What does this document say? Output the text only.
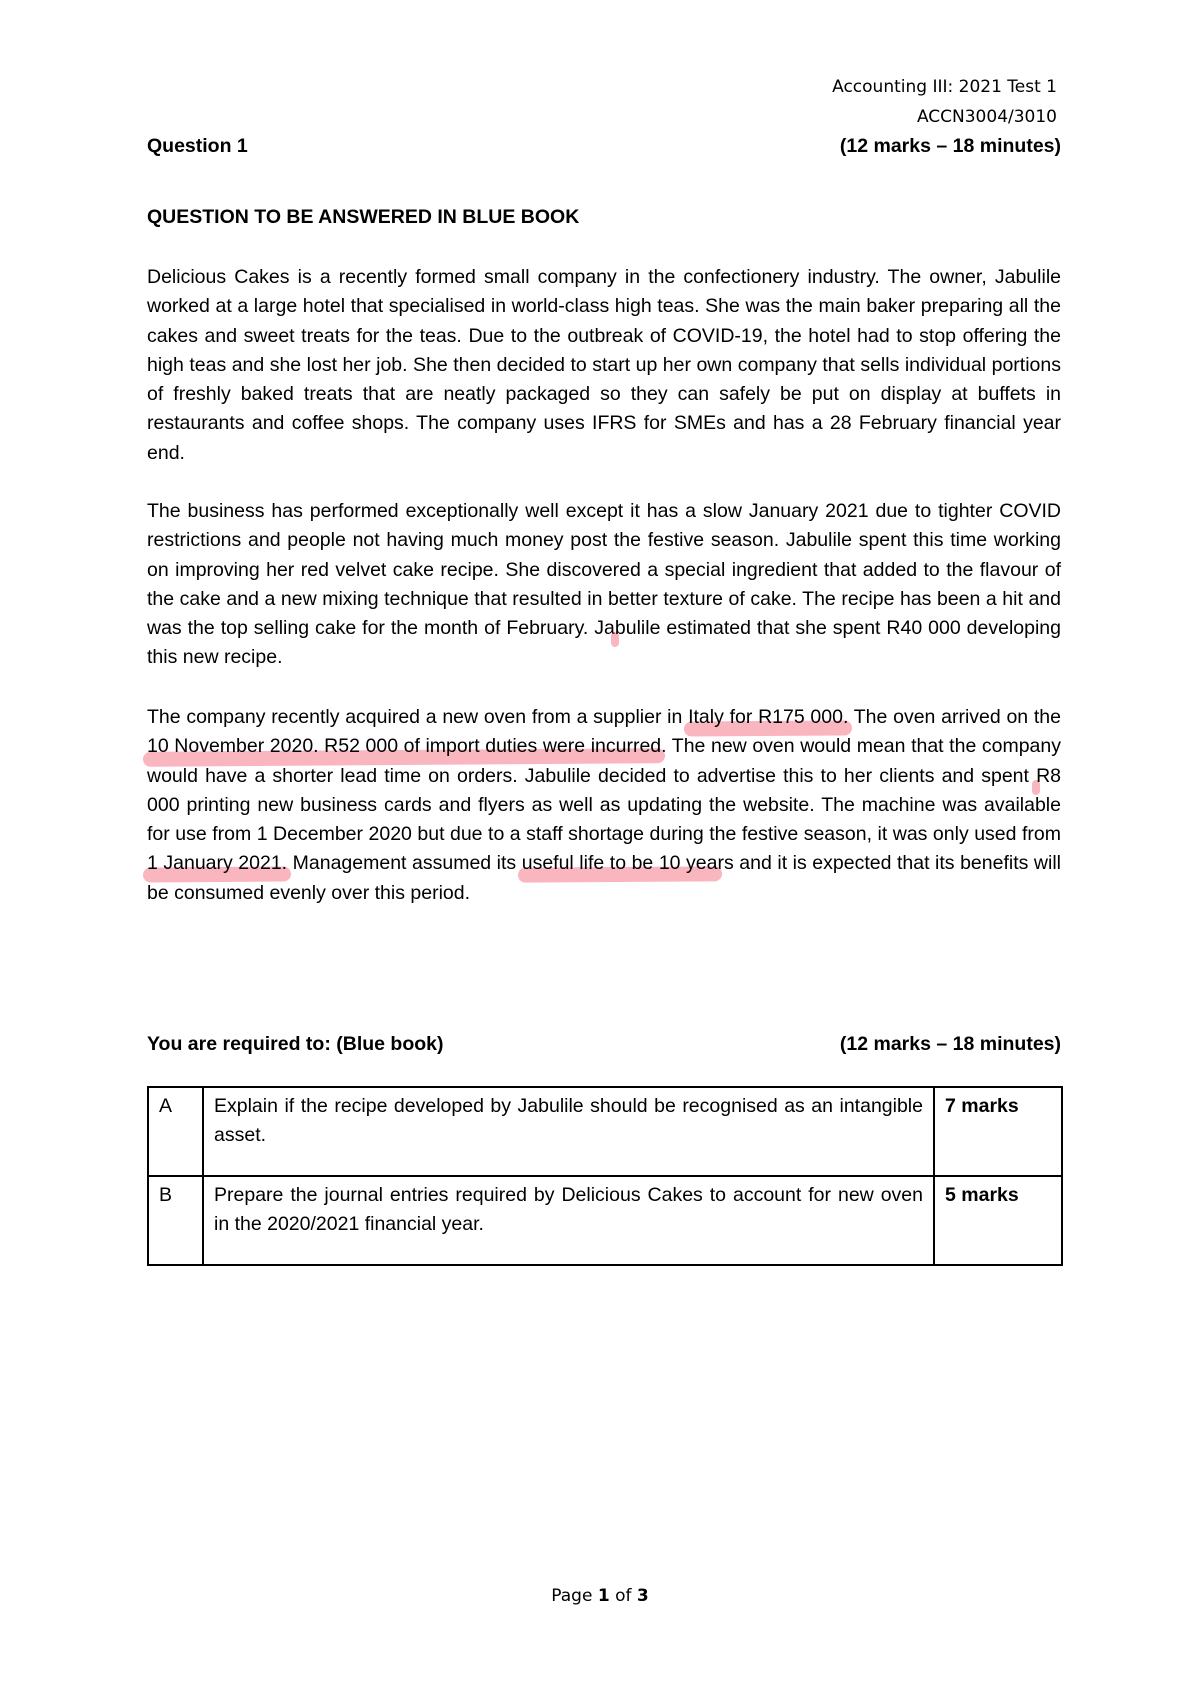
Accounting III: 2021 Test 1
ACCN3004/3010
Question 1	(12 marks – 18 minutes)
QUESTION TO BE ANSWERED IN BLUE BOOK

Delicious Cakes is a recently formed small company in the confectionery industry. The owner, Jabulile worked at a large hotel that specialised in world-class high teas. She was the main baker preparing all the cakes and sweet treats for the teas. Due to the outbreak of COVID-19, the hotel had to stop offering the high teas and she lost her job. She then decided to start up her own company that sells individual portions of freshly baked treats that are neatly packaged so they can safely be put on display at buffets in restaurants and coffee shops. The company uses IFRS for SMEs and has a 28 February financial year end.

The business has performed exceptionally well except it has a slow January 2021 due to tighter COVID restrictions and people not having much money post the festive season. Jabulile spent this time working on improving her red velvet cake recipe. She discovered a special ingredient that added to the flavour of the cake and a new mixing technique that resulted in better texture of cake. The recipe has been a hit and was the top selling cake for the month of February. Jabulile estimated that she spent R40 000 developing this new recipe.

The company recently acquired a new oven from a supplier in Italy for R175 000. The oven arrived on the 10 November 2020. R52 000 of import duties were incurred. The new oven would mean that the company would have a shorter lead time on orders. Jabulile decided to advertise this to her clients and spent R8 000 printing new business cards and flyers as well as updating the website. The machine was available for use from 1 December 2020 but due to a staff shortage during the festive season, it was only used from 1 January 2021. Management assumed its useful life to be 10 years and it is expected that its benefits will be consumed evenly over this period.

You are required to: (Blue book)	(12 marks – 18 minutes)
A	Explain if the recipe developed by Jabulile should be recognised as an intangible asset.	7 marks
B	Prepare the journal entries required by Delicious Cakes to account for new oven in the 2020/2021 financial year.	5 marks
Page 1 of 3
